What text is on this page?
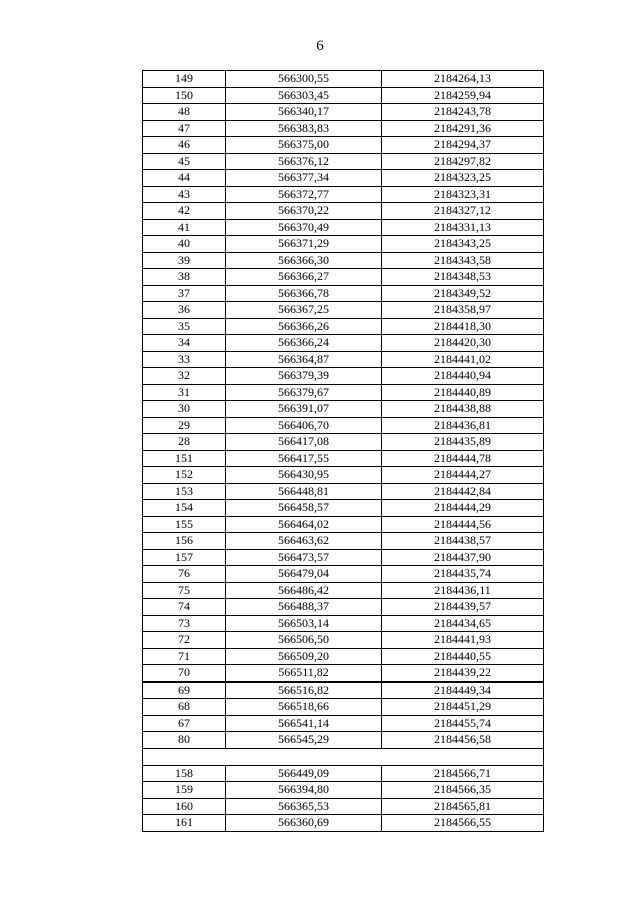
6
149	566300,55	2184264,13
150	566303,45	2184259,94
48	566340,17	2184243,78
47	566383,83	2184291,36
46	566375,00	2184294,37
45	566376,12	2184297,82
44	566377,34	2184323,25
43	566372,77	2184323,31
42	566370,22	2184327,12
41	566370,49	2184331,13
40	566371,29	2184343,25
39	566366,30	2184343,58
38	566366,27	2184348,53
37	566366,78	2184349,52
36	566367,25	2184358,97
35	566366,26	2184418,30
34	566366,24	2184420,30
33	566364,87	2184441,02
32	566379,39	2184440,94
31	566379,67	2184440,89
30	566391,07	2184438,88
29	566406,70	2184436,81
28	566417,08	2184435,89
151	566417,55	2184444,78
152	566430,95	2184444,27
153	566448,81	2184442,84
154	566458,57	2184444,29
155	566464,02	2184444,56
156	566463,62	2184438,57
157	566473,57	2184437,90
76	566479,04	2184435,74
75	566486,42	2184436,11
74	566488,37	2184439,57
73	566503,14	2184434,65
72	566506,50	2184441,93
71	566509,20	2184440,55
70	566511,82	2184439,22
69	566516,82	2184449,34
68	566518,66	2184451,29
67	566541,14	2184455,74
80	566545,29	2184456,58

158	566449,09	2184566,71
159	566394,80	2184566,35
160	566365,53	2184565,81
161	566360,69	2184566,55
